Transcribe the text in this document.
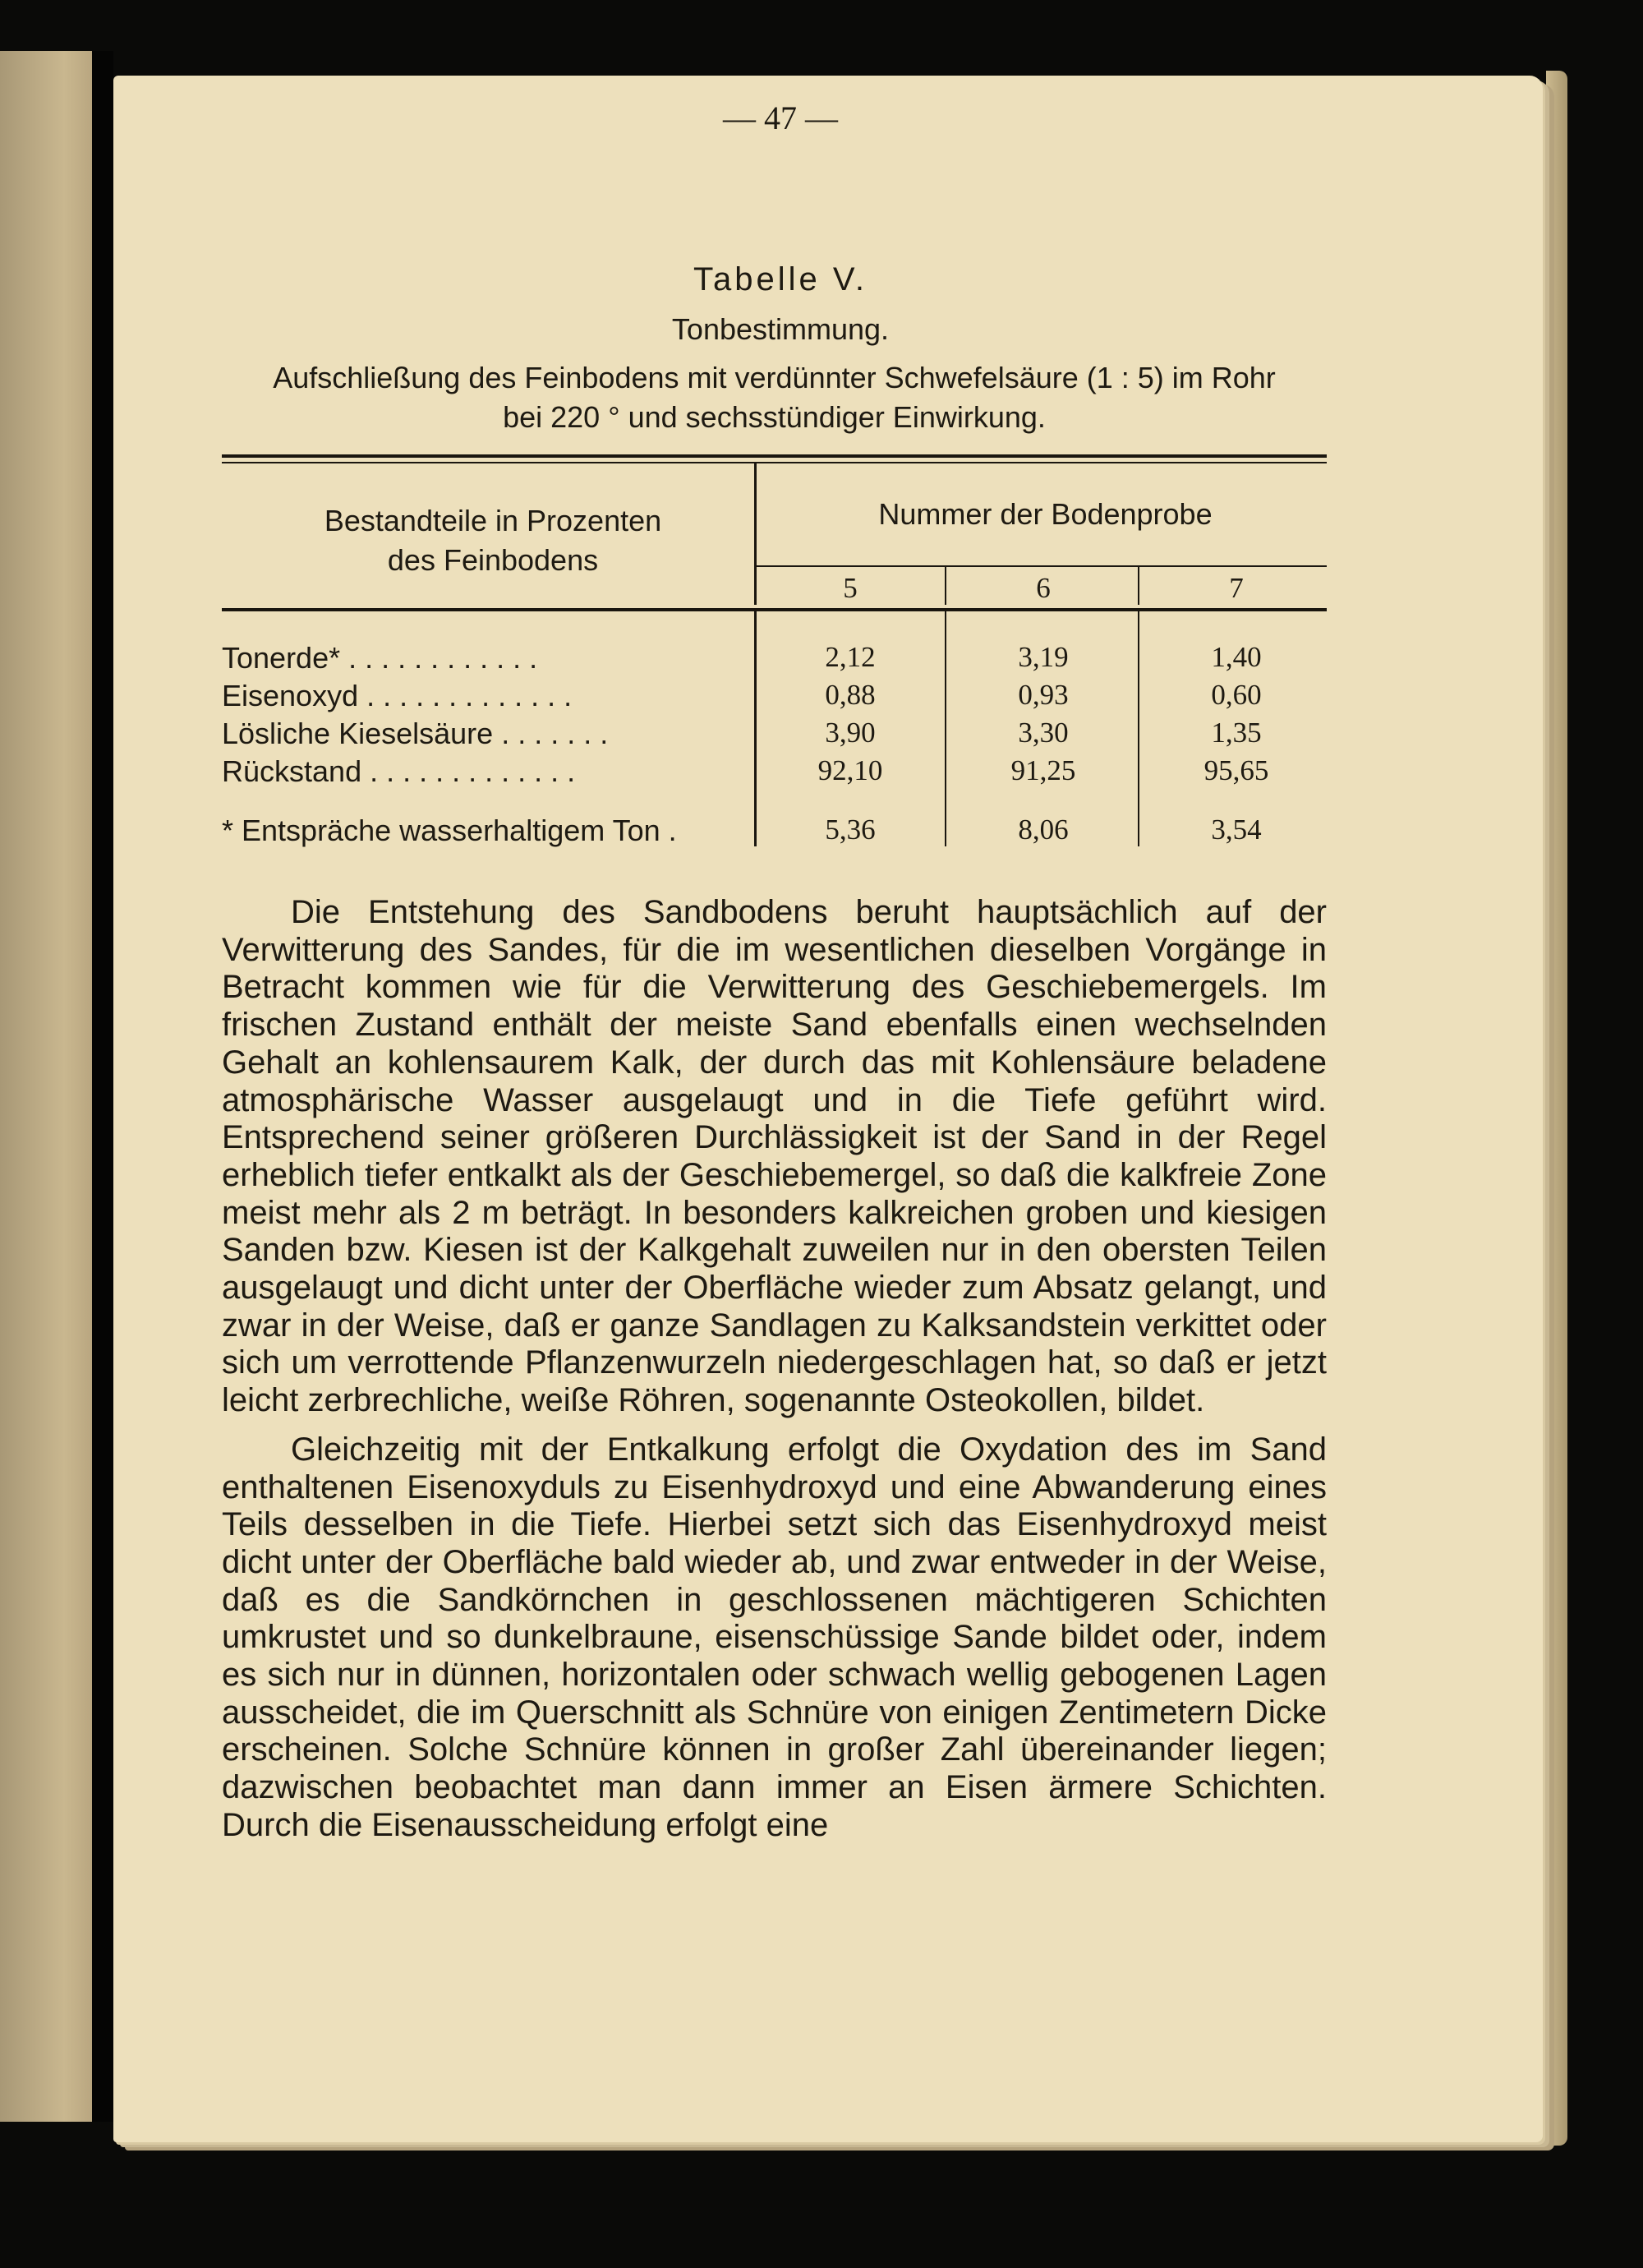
— 47 —
Tabelle V.
Tonbestimmung.
Aufschließung des Feinbodens mit verdünnter Schwefelsäure (1 : 5) im Rohr
bei 220 ° und sechsstündiger Einwirkung.
Bestandteile in Prozenten
des Feinbodens
Nummer der Bodenprobe
5	6	7
Tonerde* . . . . . . . . . . . .	2,12	3,19	1,40
Eisenoxyd . . . . . . . . . . . . .	0,88	0,93	0,60
Lösliche Kieselsäure . . . . . . .	3,90	3,30	1,35
Rückstand . . . . . . . . . . . . .	92,10	91,25	95,65
* Entspräche wasserhaltigem Ton .	5,36	8,06	3,54

Die Entstehung des Sandbodens beruht hauptsächlich auf der Verwitterung des Sandes, für die im wesentlichen dieselben Vorgänge in Betracht kommen wie für die Verwitterung des Geschiebemergels. Im frischen Zustand enthält der meiste Sand ebenfalls einen wechselnden Gehalt an kohlensaurem Kalk, der durch das mit Kohlensäure beladene atmosphärische Wasser ausgelaugt und in die Tiefe geführt wird. Entsprechend seiner größeren Durchlässigkeit ist der Sand in der Regel erheblich tiefer entkalkt als der Geschiebemergel, so daß die kalkfreie Zone meist mehr als 2 m beträgt. In besonders kalkreichen groben und kiesigen Sanden bzw. Kiesen ist der Kalkgehalt zuweilen nur in den obersten Teilen ausgelaugt und dicht unter der Oberfläche wieder zum Absatz gelangt, und zwar in der Weise, daß er ganze Sandlagen zu Kalksandstein verkittet oder sich um verrottende Pflanzenwurzeln niedergeschlagen hat, so daß er jetzt leicht zerbrechliche, weiße Röhren, sogenannte Osteokollen, bildet.

Gleichzeitig mit der Entkalkung erfolgt die Oxydation des im Sand enthaltenen Eisenoxyduls zu Eisenhydroxyd und eine Abwanderung eines Teils desselben in die Tiefe. Hierbei setzt sich das Eisenhydroxyd meist dicht unter der Oberfläche bald wieder ab, und zwar entweder in der Weise, daß es die Sandkörnchen in geschlossenen mächtigeren Schichten umkrustet und so dunkelbraune, eisenschüssige Sande bildet oder, indem es sich nur in dünnen, horizontalen oder schwach wellig gebogenen Lagen ausscheidet, die im Querschnitt als Schnüre von einigen Zentimetern Dicke erscheinen. Solche Schnüre können in großer Zahl übereinander liegen; dazwischen beobachtet man dann immer an Eisen ärmere Schichten. Durch die Eisenausscheidung erfolgt eine
